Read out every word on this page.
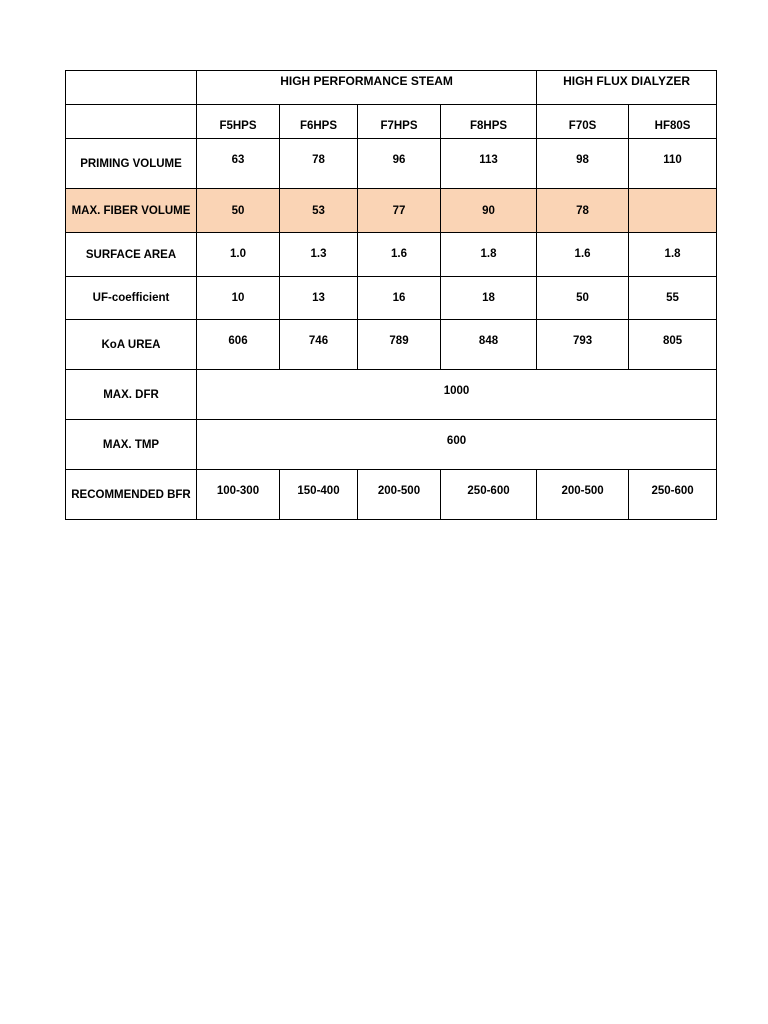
	HIGH PERFORMANCE STEAM				HIGH FLUX DIALYZER	
	F5HPS	F6HPS	F7HPS	F8HPS	F70S	HF80S
PRIMING VOLUME	63	78	96	113	98	110
MAX. FIBER VOLUME	50	53	77	90	78	
SURFACE AREA	1.0	1.3	1.6	1.8	1.6	1.8
UF-coefficient	10	13	16	18	50	55
KoA UREA	606	746	789	848	793	805
MAX. DFR	1000					
MAX. TMP	600					
RECOMMENDED BFR	100-300	150-400	200-500	250-600	200-500	250-600
